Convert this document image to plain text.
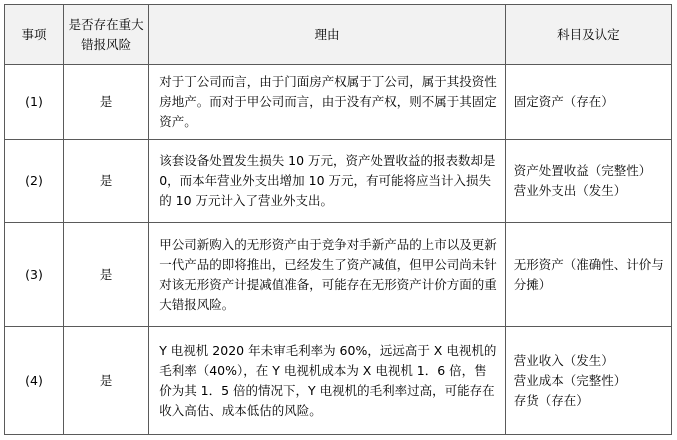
事项	是否存在重大错报风险	理由	科目及认定
(1)	是	对于丁公司而言，由于门面房产权属于丁公司，属于其投资性房地产。而对于甲公司而言，由于没有产权，则不属于其固定资产。	固定资产（存在）

(2)	是	该套设备处置发生损失 10 万元，资产处置收益的报表数却是 0，而本年营业外支出增加 10 万元，有可能将应当计入损失的 10 万元计入了营业外支出。	资产处置收益（完整性）
营业外支出（发生）

(3)	是	甲公司新购入的无形资产由于竞争对手新产品的上市以及更新一代产品的即将推出，已经发生了资产减值，但甲公司尚未针对该无形资产计提减值准备，可能存在无形资产计价方面的重大错报风险。	无形资产（准确性、计价与分摊）

(4)	是	Y 电视机 2020 年未审毛利率为 60%，远远高于 X 电视机的毛利率（40%），在 Y 电视机成本为 X 电视机 1．6 倍，售价为其 1．5 倍的情况下，Y 电视机的毛利率过高，可能存在收入高估、成本低估的风险。	营业收入（发生）
营业成本（完整性）
存货（存在）
